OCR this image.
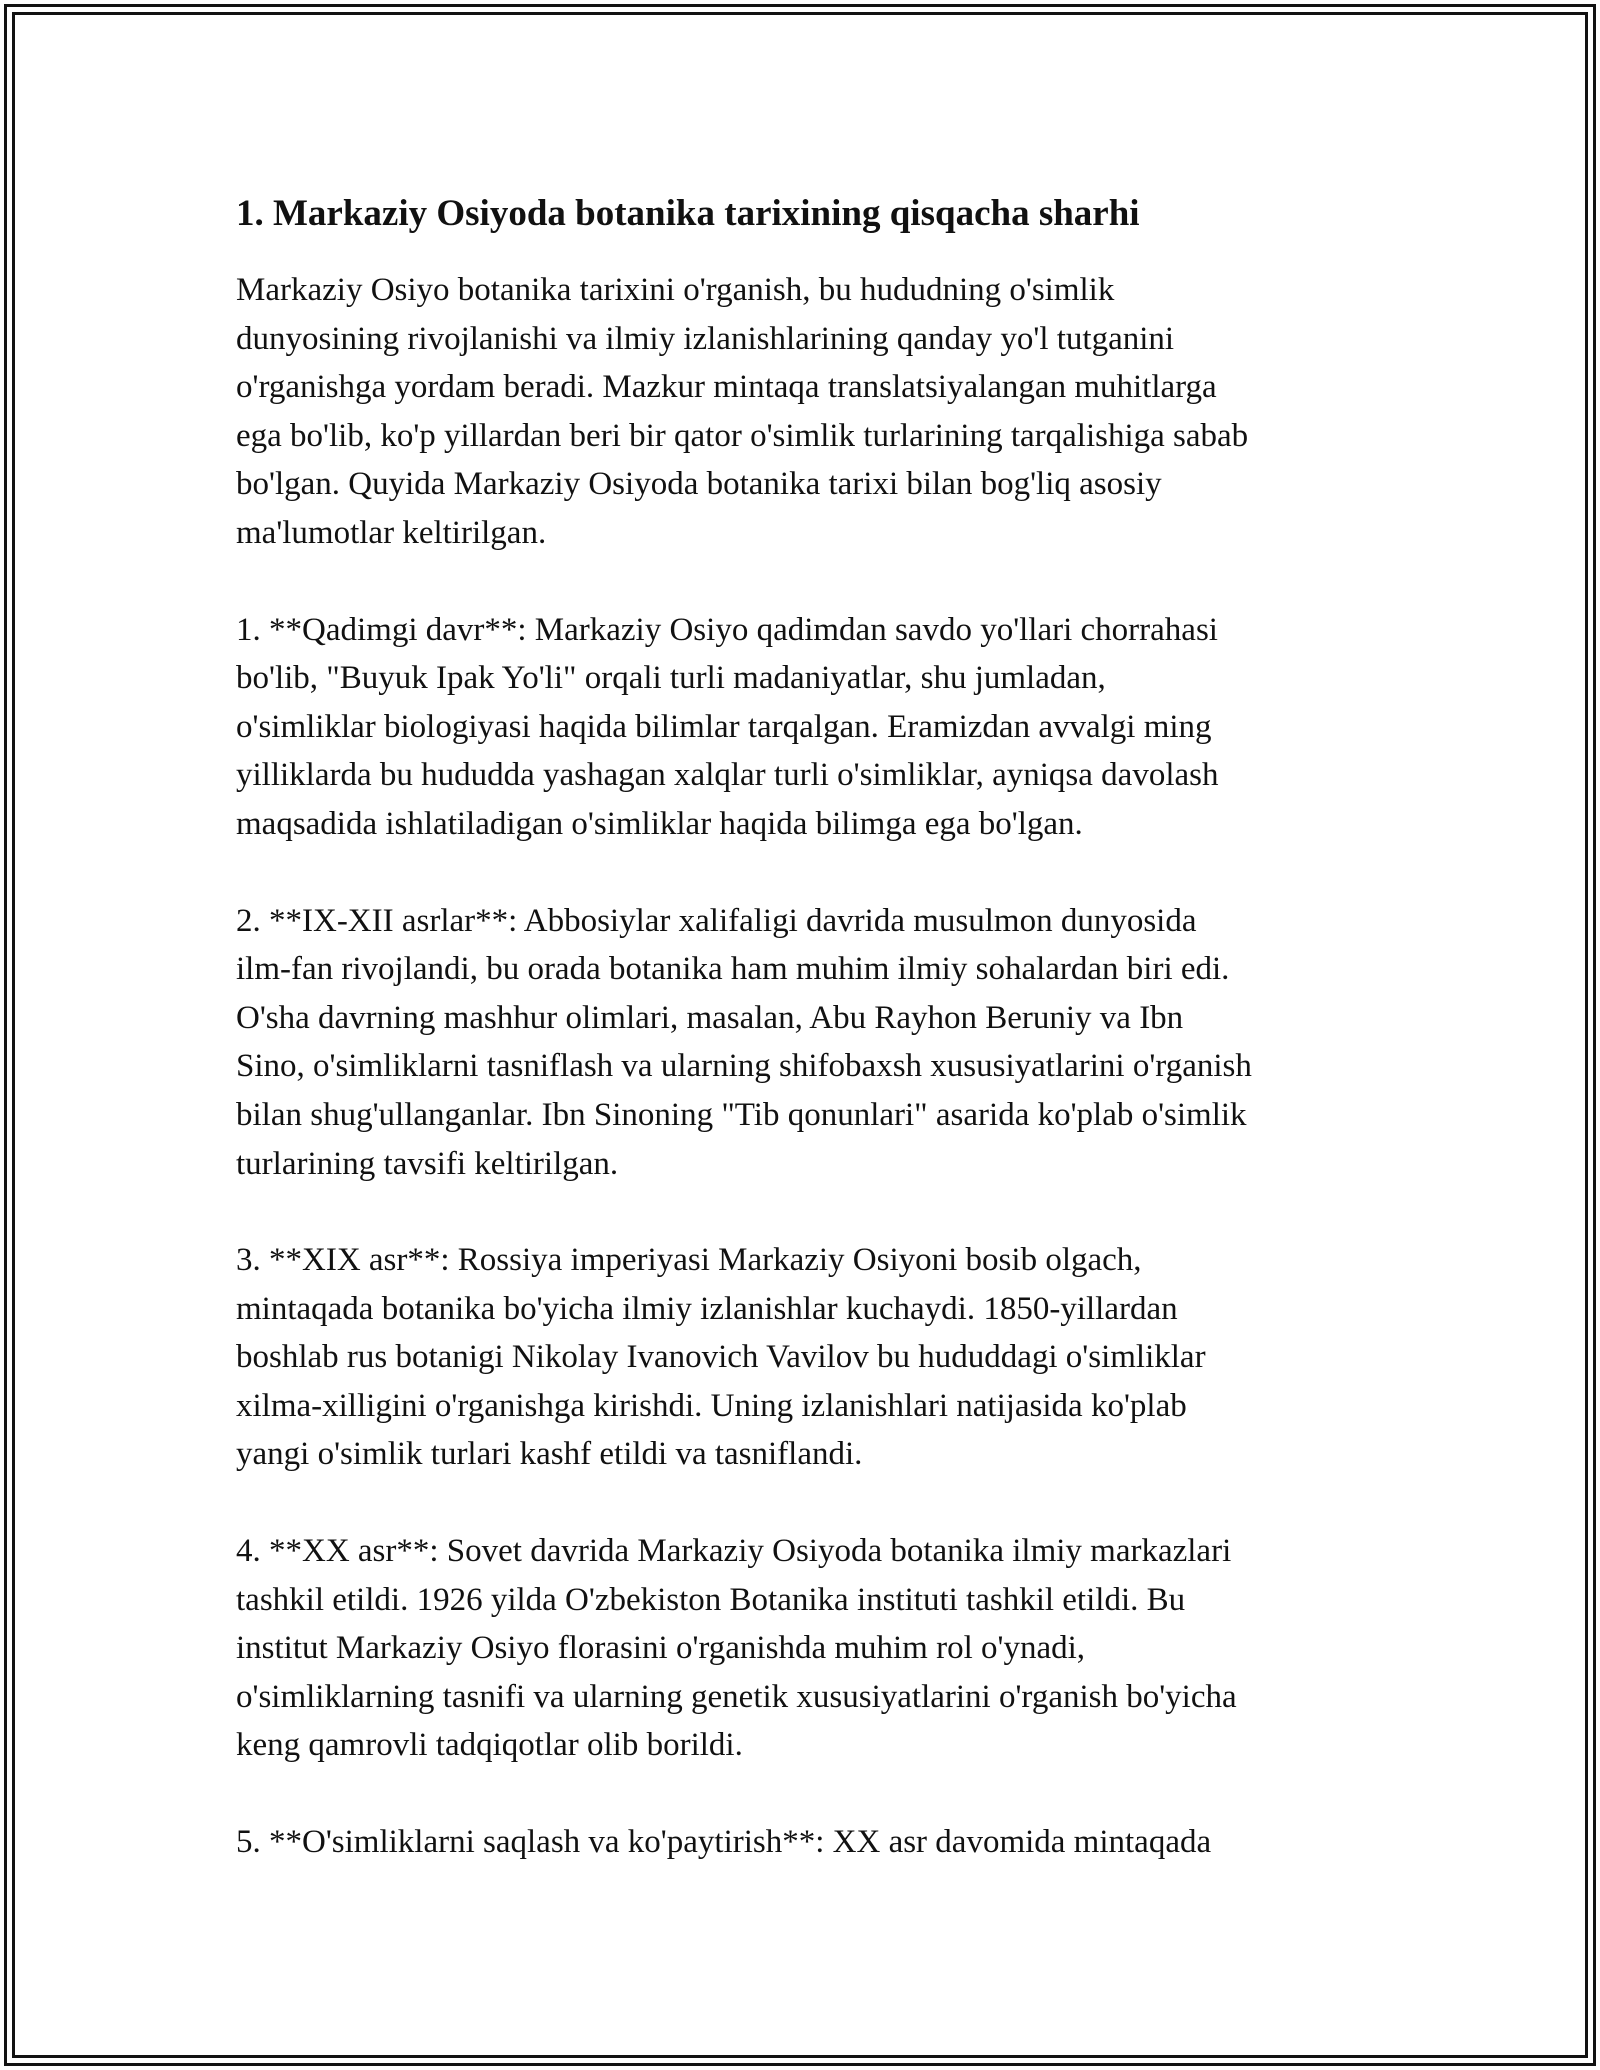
1. Markaziy Osiyoda botanika tarixining qisqacha sharhi

Markaziy Osiyo botanika tarixini o'rganish, bu hududning o'simlik
dunyosining rivojlanishi va ilmiy izlanishlarining qanday yo'l tutganini
o'rganishga yordam beradi. Mazkur mintaqa translatsiyalangan muhitlarga
ega bo'lib, ko'p yillardan beri bir qator o'simlik turlarining tarqalishiga sabab
bo'lgan. Quyida Markaziy Osiyoda botanika tarixi bilan bog'liq asosiy
ma'lumotlar keltirilgan.

1. **Qadimgi davr**: Markaziy Osiyo qadimdan savdo yo'llari chorrahasi
bo'lib, "Buyuk Ipak Yo'li" orqali turli madaniyatlar, shu jumladan,
o'simliklar biologiyasi haqida bilimlar tarqalgan. Eramizdan avvalgi ming
yilliklarda bu hududda yashagan xalqlar turli o'simliklar, ayniqsa davolash
maqsadida ishlatiladigan o'simliklar haqida bilimga ega bo'lgan.

2. **IX-XII asrlar**: Abbosiylar xalifaligi davrida musulmon dunyosida
ilm-fan rivojlandi, bu orada botanika ham muhim ilmiy sohalardan biri edi.
O'sha davrning mashhur olimlari, masalan, Abu Rayhon Beruniy va Ibn
Sino, o'simliklarni tasniflash va ularning shifobaxsh xususiyatlarini o'rganish
bilan shug'ullanganlar. Ibn Sinoning "Tib qonunlari" asarida ko'plab o'simlik
turlarining tavsifi keltirilgan.

3. **XIX asr**: Rossiya imperiyasi Markaziy Osiyoni bosib olgach,
mintaqada botanika bo'yicha ilmiy izlanishlar kuchaydi. 1850-yillardan
boshlab rus botanigi Nikolay Ivanovich Vavilov bu hududdagi o'simliklar
xilma-xilligini o'rganishga kirishdi. Uning izlanishlari natijasida ko'plab
yangi o'simlik turlari kashf etildi va tasniflandi.

4. **XX asr**: Sovet davrida Markaziy Osiyoda botanika ilmiy markazlari
tashkil etildi. 1926 yilda O'zbekiston Botanika instituti tashkil etildi. Bu
institut Markaziy Osiyo florasini o'rganishda muhim rol o'ynadi,
o'simliklarning tasnifi va ularning genetik xususiyatlarini o'rganish bo'yicha
keng qamrovli tadqiqotlar olib borildi.

5. **O'simliklarni saqlash va ko'paytirish**: XX asr davomida mintaqada
